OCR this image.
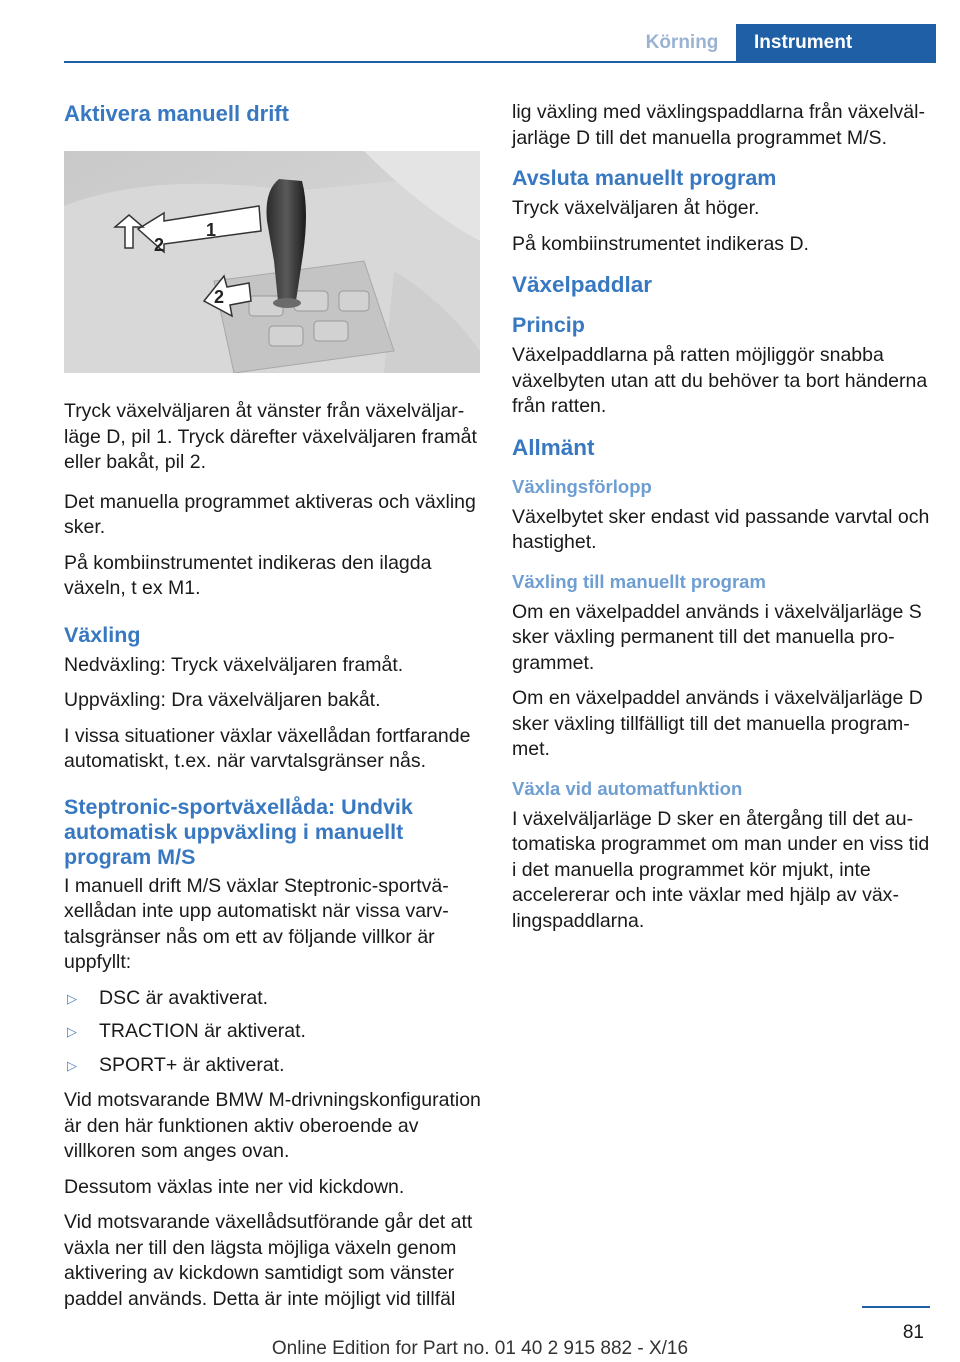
Körning	Instrument
Aktivera manuell drift
2
1
2

Tryck växelväljaren åt vänster från växelväljarläge D, pil 1. Tryck därefter växelväljaren framåt eller bakåt, pil 2.

Det manuella programmet aktiveras och växling sker.

På kombiinstrumentet indikeras den ilagda växeln, t ex M1.

Växling

Nedväxling: Tryck växelväljaren framåt.

Uppväxling: Dra växelväljaren bakåt.

I vissa situationer växlar växellådan fortfarande automatiskt, t.ex. när varvtalsgränser nås.

Steptronic-sportväxellåda: Undvik automatisk uppväxling i manuellt program M/S

I manuell drift M/S växlar Steptronic-sportväxellådan inte upp automatiskt när vissa varvtalsgränser nås om ett av följande villkor är uppfyllt:

▷ DSC är avaktiverat.
▷ TRACTION är aktiverat.
▷ SPORT+ är aktiverat.

Vid motsvarande BMW M-drivningskonfiguration är den här funktionen aktiv oberoende av villkoren som anges ovan.

Dessutom växlas inte ner vid kickdown.

Vid motsvarande växellådsutförande går det att växla ner till den lägsta möjliga växeln genom aktivering av kickdown samtidigt som vänster paddel används. Detta är inte möjligt vid tillfäl

lig växling med växlingspaddlarna från växelväljarläge D till det manuella programmet M/S.

Avsluta manuellt program

Tryck växelväljaren åt höger.

På kombiinstrumentet indikeras D.

Växelpaddlar
Princip

Växelpaddlarna på ratten möjliggör snabba växelbyten utan att du behöver ta bort händerna från ratten.

Allmänt
Växlingsförlopp

Växelbytet sker endast vid passande varvtal och hastighet.

Växling till manuellt program

Om en växelpaddel används i växelväljarläge S sker växling permanent till det manuella programmet.

Om en växelpaddel används i växelväljarläge D sker växling tillfälligt till det manuella programmet.

Växla vid automatfunktion

I växelväljarläge D sker en återgång till det automatiska programmet om man under en viss tid i det manuella programmet kör mjukt, inte accelererar och inte växlar med hjälp av växlingspaddlarna.

81
Online Edition for Part no. 01 40 2 915 882 - X/16
